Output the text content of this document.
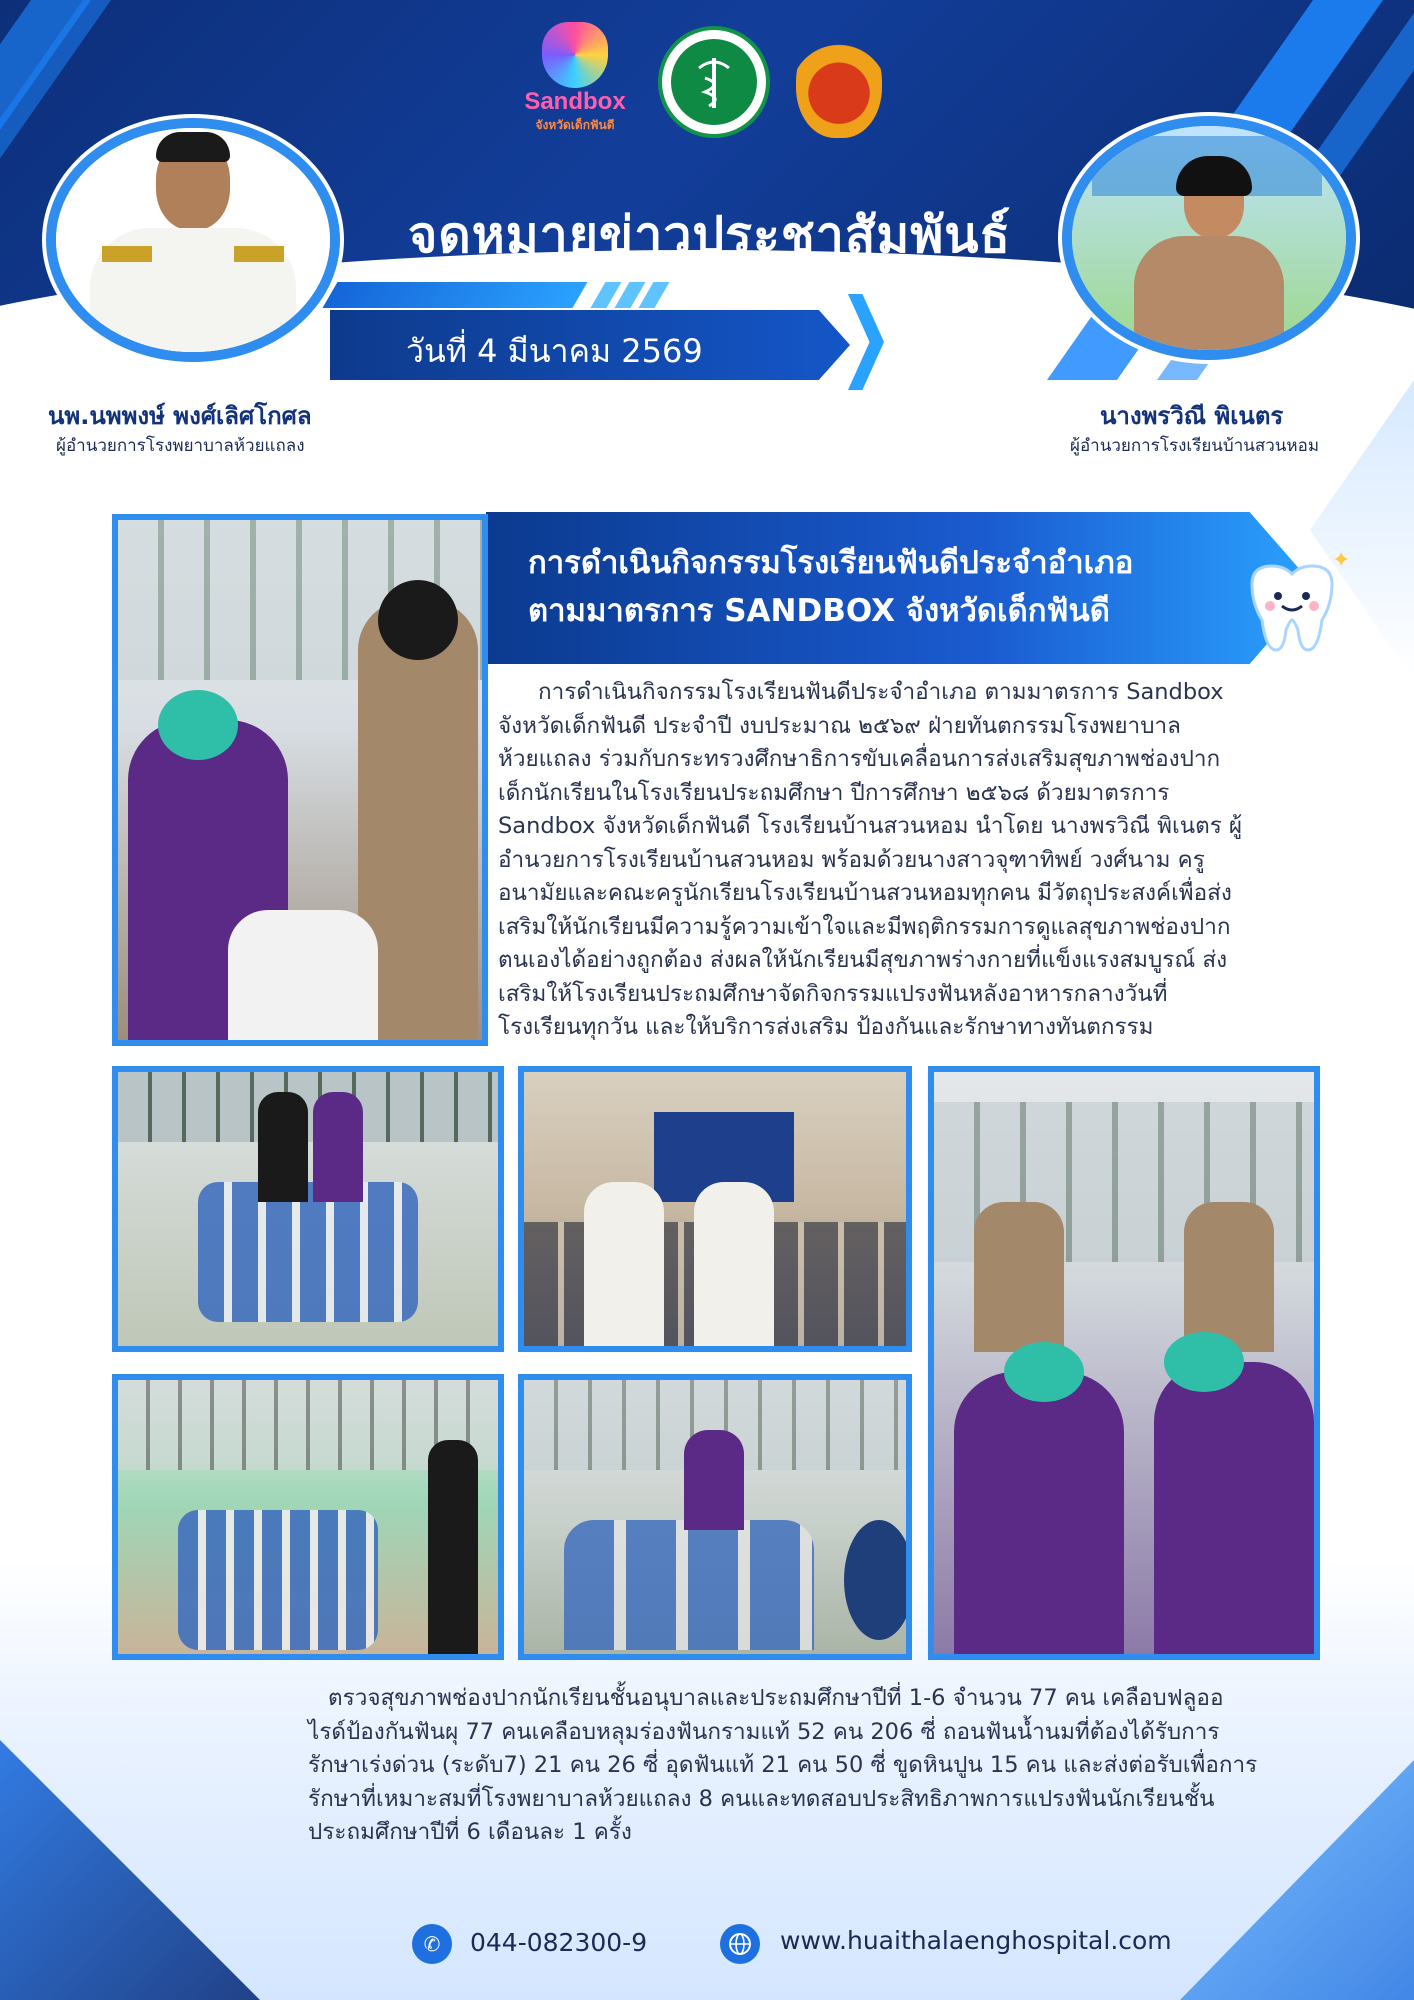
Sandbox
จังหวัดเด็กฟันดี
จดหมายข่าวประชาสัมพันธ์
วันที่ 4 มีนาคม 2569
นพ.นพพงษ์ พงศ์เลิศโกศล
ผู้อำนวยการโรงพยาบาลห้วยแถลง
นางพรวิณี พิเนตร
ผู้อำนวยการโรงเรียนบ้านสวนหอม
การดำเนินกิจกรรมโรงเรียนฟันดีประจำอำเภอ
ตามมาตรการ SANDBOX จังหวัดเด็กฟันดี
✦
การดำเนินกิจกรรมโรงเรียนฟันดีประจำอำเภอ ตามมาตรการ Sandbox
จังหวัดเด็กฟันดี ประจำปี งบประมาณ ๒๕๖๙ ฝ่ายทันตกรรมโรงพยาบาล
ห้วยแถลง ร่วมกับกระทรวงศึกษาธิการขับเคลื่อนการส่งเสริมสุขภาพช่องปาก
เด็กนักเรียนในโรงเรียนประถมศึกษา ปีการศึกษา ๒๕๖๘ ด้วยมาตรการ
Sandbox จังหวัดเด็กฟันดี โรงเรียนบ้านสวนหอม นำโดย นางพรวิณี พิเนตร ผู้
อำนวยการโรงเรียนบ้านสวนหอม พร้อมด้วยนางสาวจุฑาทิพย์ วงศ์นาม ครู
อนามัยและคณะครูนักเรียนโรงเรียนบ้านสวนหอมทุกคน มีวัตถุประสงค์เพื่อส่ง
เสริมให้นักเรียนมีความรู้ความเข้าใจและมีพฤติกรรมการดูแลสุขภาพช่องปาก
ตนเองได้อย่างถูกต้อง ส่งผลให้นักเรียนมีสุขภาพร่างกายที่แข็งแรงสมบูรณ์ ส่ง
เสริมให้โรงเรียนประถมศึกษาจัดกิจกรรมแปรงฟันหลังอาหารกลางวันที่
โรงเรียนทุกวัน และให้บริการส่งเสริม ป้องกันและรักษาทางทันตกรรม
ตรวจสุขภาพช่องปากนักเรียนชั้นอนุบาลและประถมศึกษาปีที่ 1-6 จำนวน 77 คน เคลือบฟลูออ
ไรด์ป้องกันฟันผุ 77 คนเคลือบหลุมร่องฟันกรามแท้ 52 คน 206 ซี่ ถอนฟันน้ำนมที่ต้องได้รับการ
รักษาเร่งด่วน (ระดับ7) 21 คน 26 ซี่ อุดฟันแท้ 21 คน 50 ซี่ ขูดหินปูน 15 คน และส่งต่อรับเพื่อการ
รักษาที่เหมาะสมที่โรงพยาบาลห้วยแถลง 8 คนและทดสอบประสิทธิภาพการแปรงฟันนักเรียนชั้น
ประถมศึกษาปีที่ 6 เดือนละ 1 ครั้ง
✆	044-082300-9	www.huaithalaenghospital.com
